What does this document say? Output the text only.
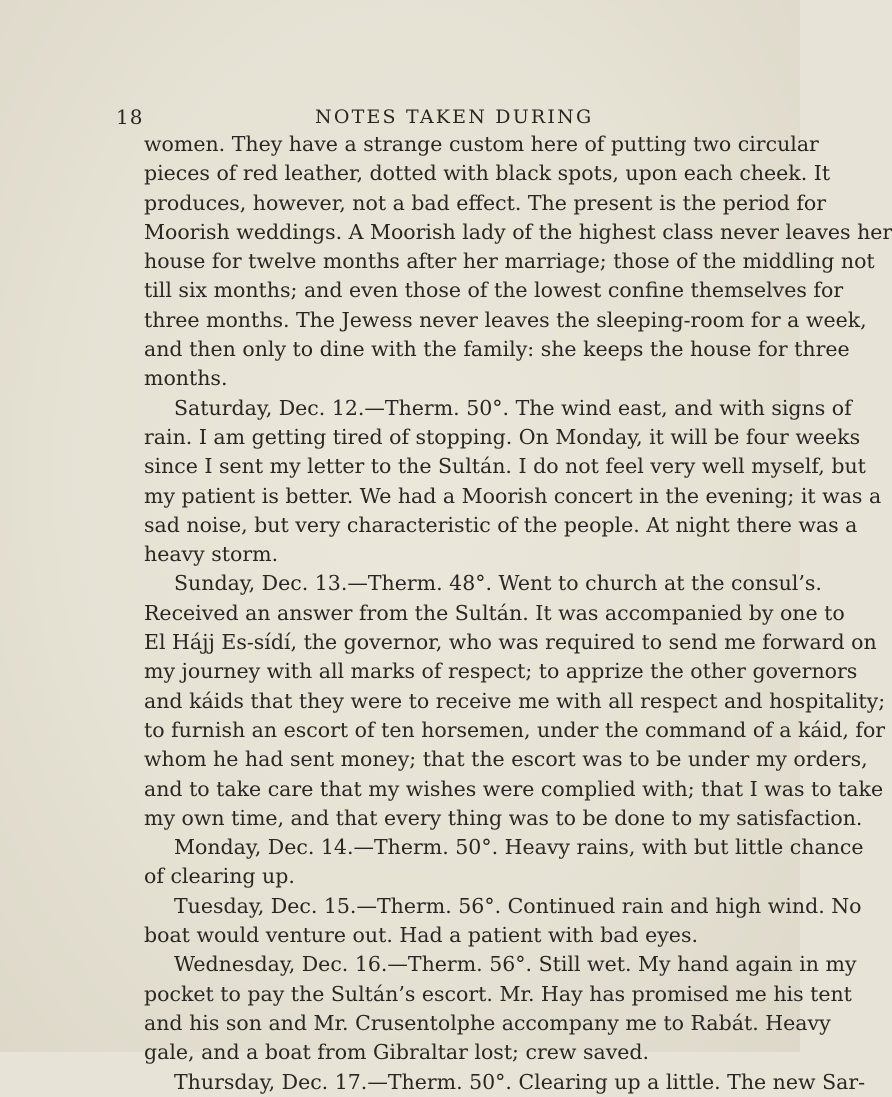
18	NOTES TAKEN DURING
women. They have a strange custom here of putting two circular
pieces of red leather, dotted with black spots, upon each cheek. It
produces, however, not a bad effect. The present is the period for
Moorish weddings. A Moorish lady of the highest class never leaves her
house for twelve months after her marriage; those of the middling not
till six months; and even those of the lowest confine themselves for
three months. The Jewess never leaves the sleeping-room for a week,
and then only to dine with the family: she keeps the house for three
months.
Saturday, Dec. 12.—Therm. 50°. The wind east, and with signs of
rain. I am getting tired of stopping. On Monday, it will be four weeks
since I sent my letter to the Sultán. I do not feel very well myself, but
my patient is better. We had a Moorish concert in the evening; it was a
sad noise, but very characteristic of the people. At night there was a
heavy storm.
Sunday, Dec. 13.—Therm. 48°. Went to church at the consul’s.
Received an answer from the Sultán. It was accompanied by one to
El Hájj Es-sídí, the governor, who was required to send me forward on
my journey with all marks of respect; to apprize the other governors
and káids that they were to receive me with all respect and hospitality;
to furnish an escort of ten horsemen, under the command of a káid, for
whom he had sent money; that the escort was to be under my orders,
and to take care that my wishes were complied with; that I was to take
my own time, and that every thing was to be done to my satisfaction.
Monday, Dec. 14.—Therm. 50°. Heavy rains, with but little chance
of clearing up.
Tuesday, Dec. 15.—Therm. 56°. Continued rain and high wind. No
boat would venture out. Had a patient with bad eyes.
Wednesday, Dec. 16.—Therm. 56°. Still wet. My hand again in my
pocket to pay the Sultán’s escort. Mr. Hay has promised me his tent
and his son and Mr. Crusentolphe accompany me to Rabát. Heavy
gale, and a boat from Gibraltar lost; crew saved.
Thursday, Dec. 17.—Therm. 50°. Clearing up a little. The new Sar-
